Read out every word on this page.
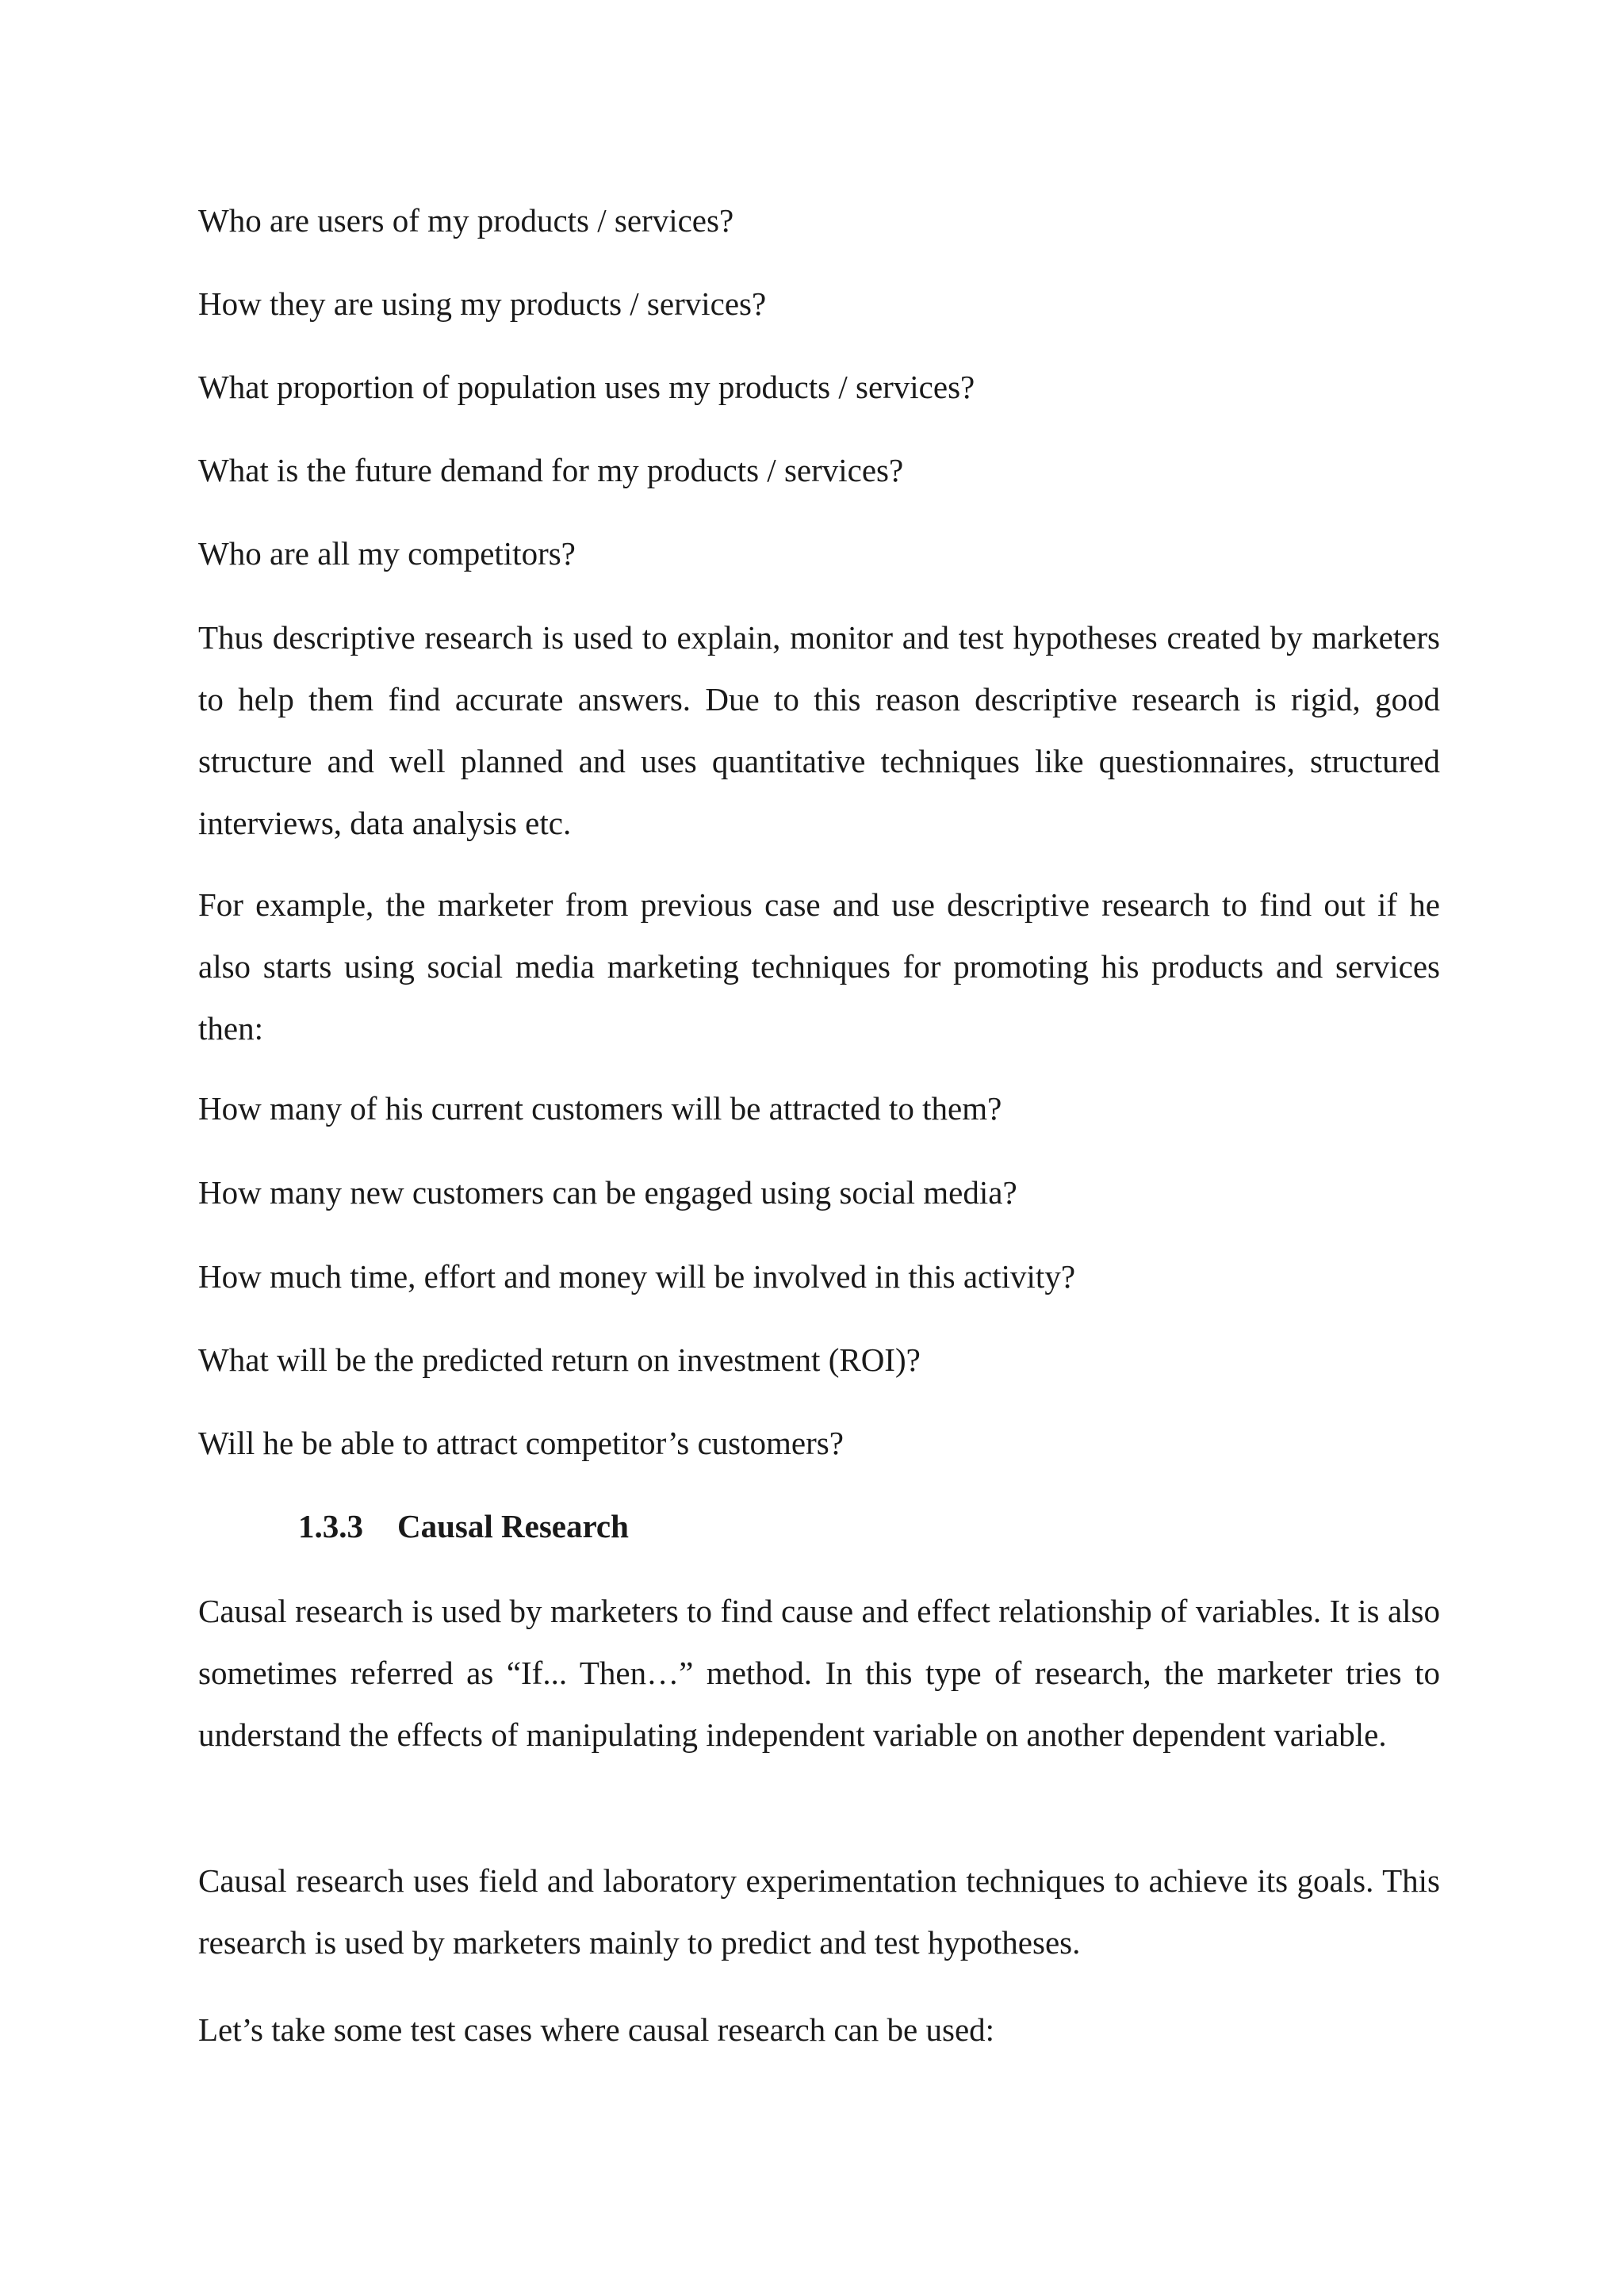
Who are users of my products / services?
How they are using my products / services?
What proportion of population uses my products / services?
What is the future demand for my products / services?
Who are all my competitors?
Thus descriptive research is used to explain, monitor and test hypotheses created by marketers to help them find accurate answers. Due to this reason descriptive research is rigid, good structure and well planned and uses quantitative techniques like questionnaires, structured interviews, data analysis etc.
For example, the marketer from previous case and use descriptive research to find out if he also starts using social media marketing techniques for promoting his products and services then:
How many of his current customers will be attracted to them?
How many new customers can be engaged using social media?
How much time, effort and money will be involved in this activity?
What will be the predicted return on investment (ROI)?
Will he be able to attract competitor’s customers?
1.3.3 Causal Research
Causal research is used by marketers to find cause and effect relationship of variables. It is also sometimes referred as “If... Then…” method. In this type of research, the marketer tries to understand the effects of manipulating independent variable on another dependent variable.
Causal research uses field and laboratory experimentation techniques to achieve its goals. This research is used by marketers mainly to predict and test hypotheses.
Let’s take some test cases where causal research can be used:
